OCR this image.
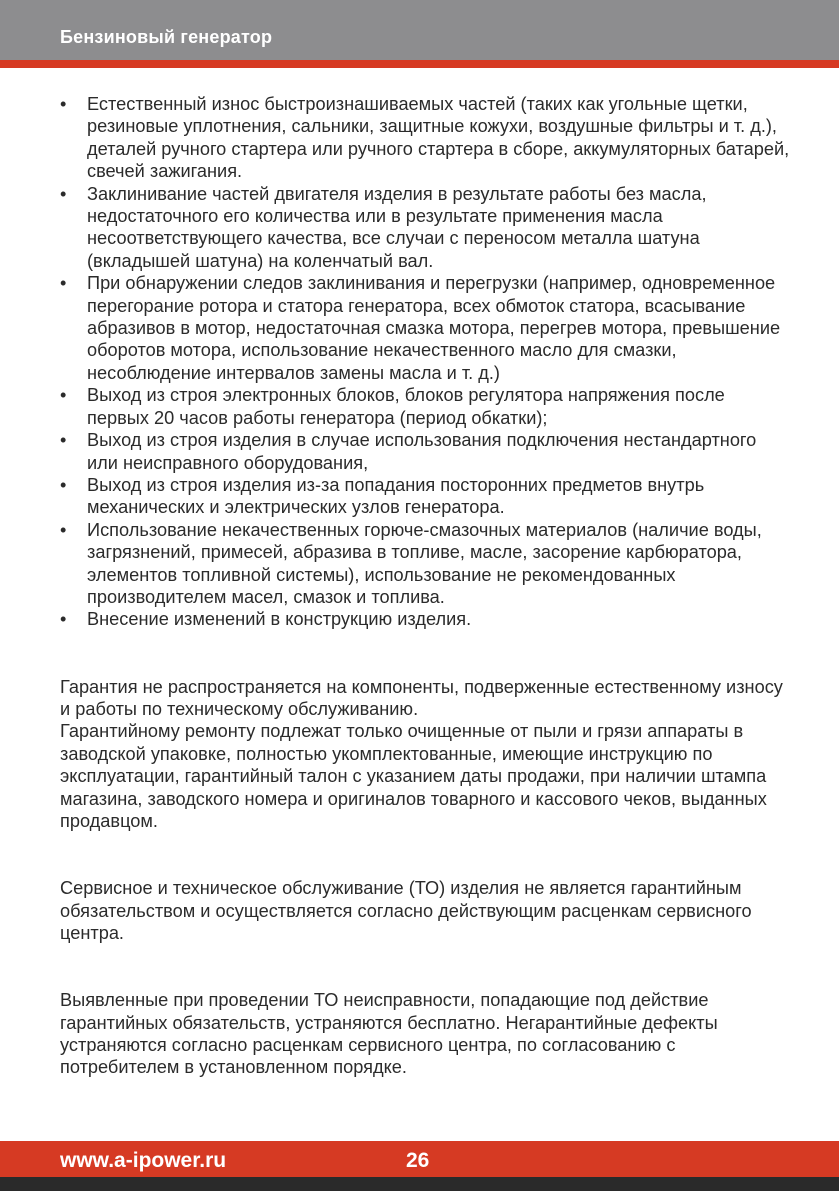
Бензиновый генератор
• Естественный износ быстроизнашиваемых частей (таких как угольные щетки, резиновые уплотнения, сальники, защитные кожухи, воздушные фильтры и т. д.), деталей ручного стартера или ручного стартера в сборе, аккумуляторных батарей, свечей зажигания.
• Заклинивание частей двигателя изделия в результате работы без масла, недостаточного его количества или в результате применения масла несоответствующего качества, все случаи с переносом металла шатуна (вкладышей шатуна) на коленчатый вал.
• При обнаружении следов заклинивания и перегрузки (например, одновременное перегорание ротора и статора генератора, всех обмоток статора, всасывание абразивов в мотор, недостаточная смазка мотора, перегрев мотора, превышение оборотов мотора, использование некачественного масло для смазки, несоблюдение интервалов замены масла и т. д.)
• Выход из строя электронных блоков, блоков регулятора напряжения после первых 20 часов работы генератора (период обкатки);
• Выход из строя изделия в случае использования подключения нестандартного или неисправного оборудования,
• Выход из строя изделия из-за попадания посторонних предметов внутрь механических и электрических узлов генератора.
• Использование некачественных горюче-смазочных материалов (наличие воды, загрязнений, примесей, абразива в топливе, масле, засорение карбюратора, элементов топливной системы), использование не рекомендованных производителем масел, смазок и топлива.
• Внесение изменений в конструкцию изделия.

Гарантия не распространяется на компоненты, подверженные естественному износу и работы по техническому обслуживанию.

Гарантийному ремонту подлежат только очищенные от пыли и грязи аппараты в заводской упаковке, полностью укомплектованные, имеющие инструкцию по эксплуатации, гарантийный талон с указанием даты продажи, при наличии штампа магазина, заводского номера и оригиналов товарного и кассового чеков, выданных продавцом.

Сервисное и техническое обслуживание (ТО) изделия не является гарантийным обязательством и осуществляется согласно действующим расценкам сервисного центра.

Выявленные при проведении ТО неисправности, попадающие под действие гарантийных обязательств, устраняются бесплатно. Негарантийные дефекты устраняются согласно расценкам сервисного центра, по согласованию с потребителем в установленном порядке.

www.a-ipower.ru	26
